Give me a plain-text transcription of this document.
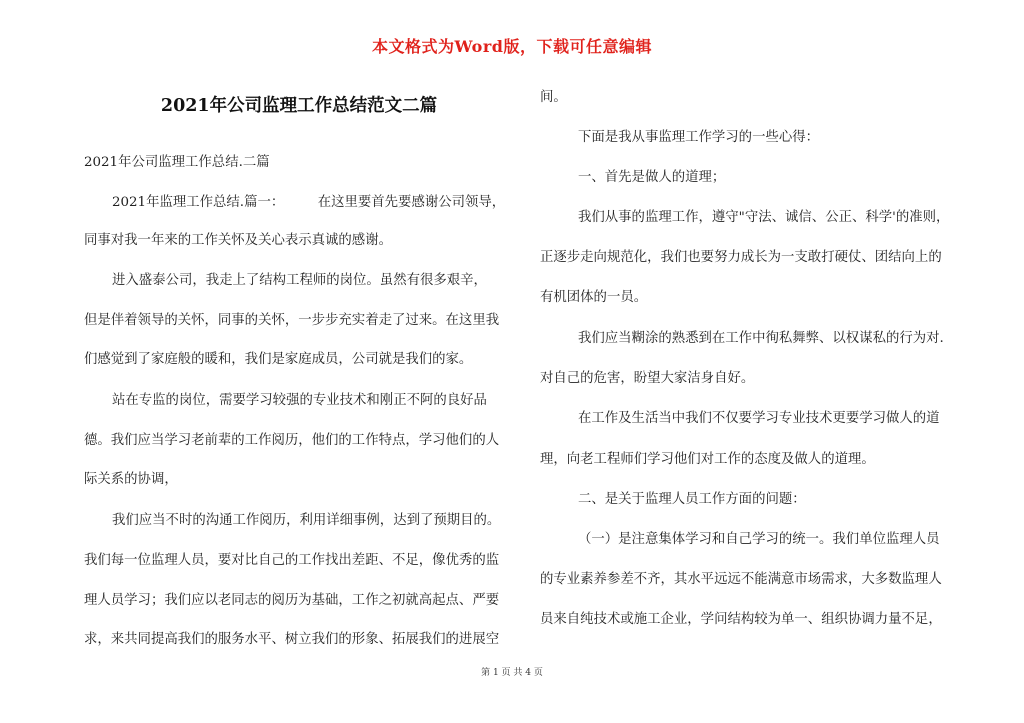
本文格式为Word版，下载可任意编辑
2021年公司监理工作总结范文二篇
2021年公司监理工作总结.二篇
2021年监理工作总结.篇一：　　　在这里要首先要感谢公司领导，
同事对我一年来的工作关怀及关心表示真诚的感谢。
进入盛泰公司，我走上了结构工程师的岗位。虽然有很多艰辛，
但是伴着领导的关怀，同事的关怀，一步步充实着走了过来。在这里我
们感觉到了家庭般的暖和，我们是家庭成员，公司就是我们的家。
站在专监的岗位，需要学习较强的专业技术和刚正不阿的良好品
德。我们应当学习老前辈的工作阅历，他们的工作特点，学习他们的人
际关系的协调，
我们应当不时的沟通工作阅历，利用详细事例，达到了预期目的。
我们每一位监理人员，要对比自己的工作找出差距、不足，像优秀的监
理人员学习；我们应以老同志的阅历为基础，工作之初就高起点、严要
求，来共同提高我们的服务水平、树立我们的形象、拓展我们的进展空
间。
下面是我从事监理工作学习的一些心得：
一、首先是做人的道理；
我们从事的监理工作，遵守"守法、诚信、公正、科学'的准则，
正逐步走向规范化，我们也要努力成长为一支敢打硬仗、团结向上的
有机团体的一员。
我们应当糊涂的熟悉到在工作中徇私舞弊、以权谋私的行为对.
对自己的危害，盼望大家洁身自好。
在工作及生活当中我们不仅要学习专业技术更要学习做人的道
理，向老工程师们学习他们对工作的态度及做人的道理。
二、是关于监理人员工作方面的问题：
（一）是注意集体学习和自己学习的统一。我们单位监理人员
的专业素养参差不齐，其水平远远不能满意市场需求，大多数监理人
员来自纯技术或施工企业，学问结构较为单一、组织协调力量不足，
第 1 页 共 4 页
